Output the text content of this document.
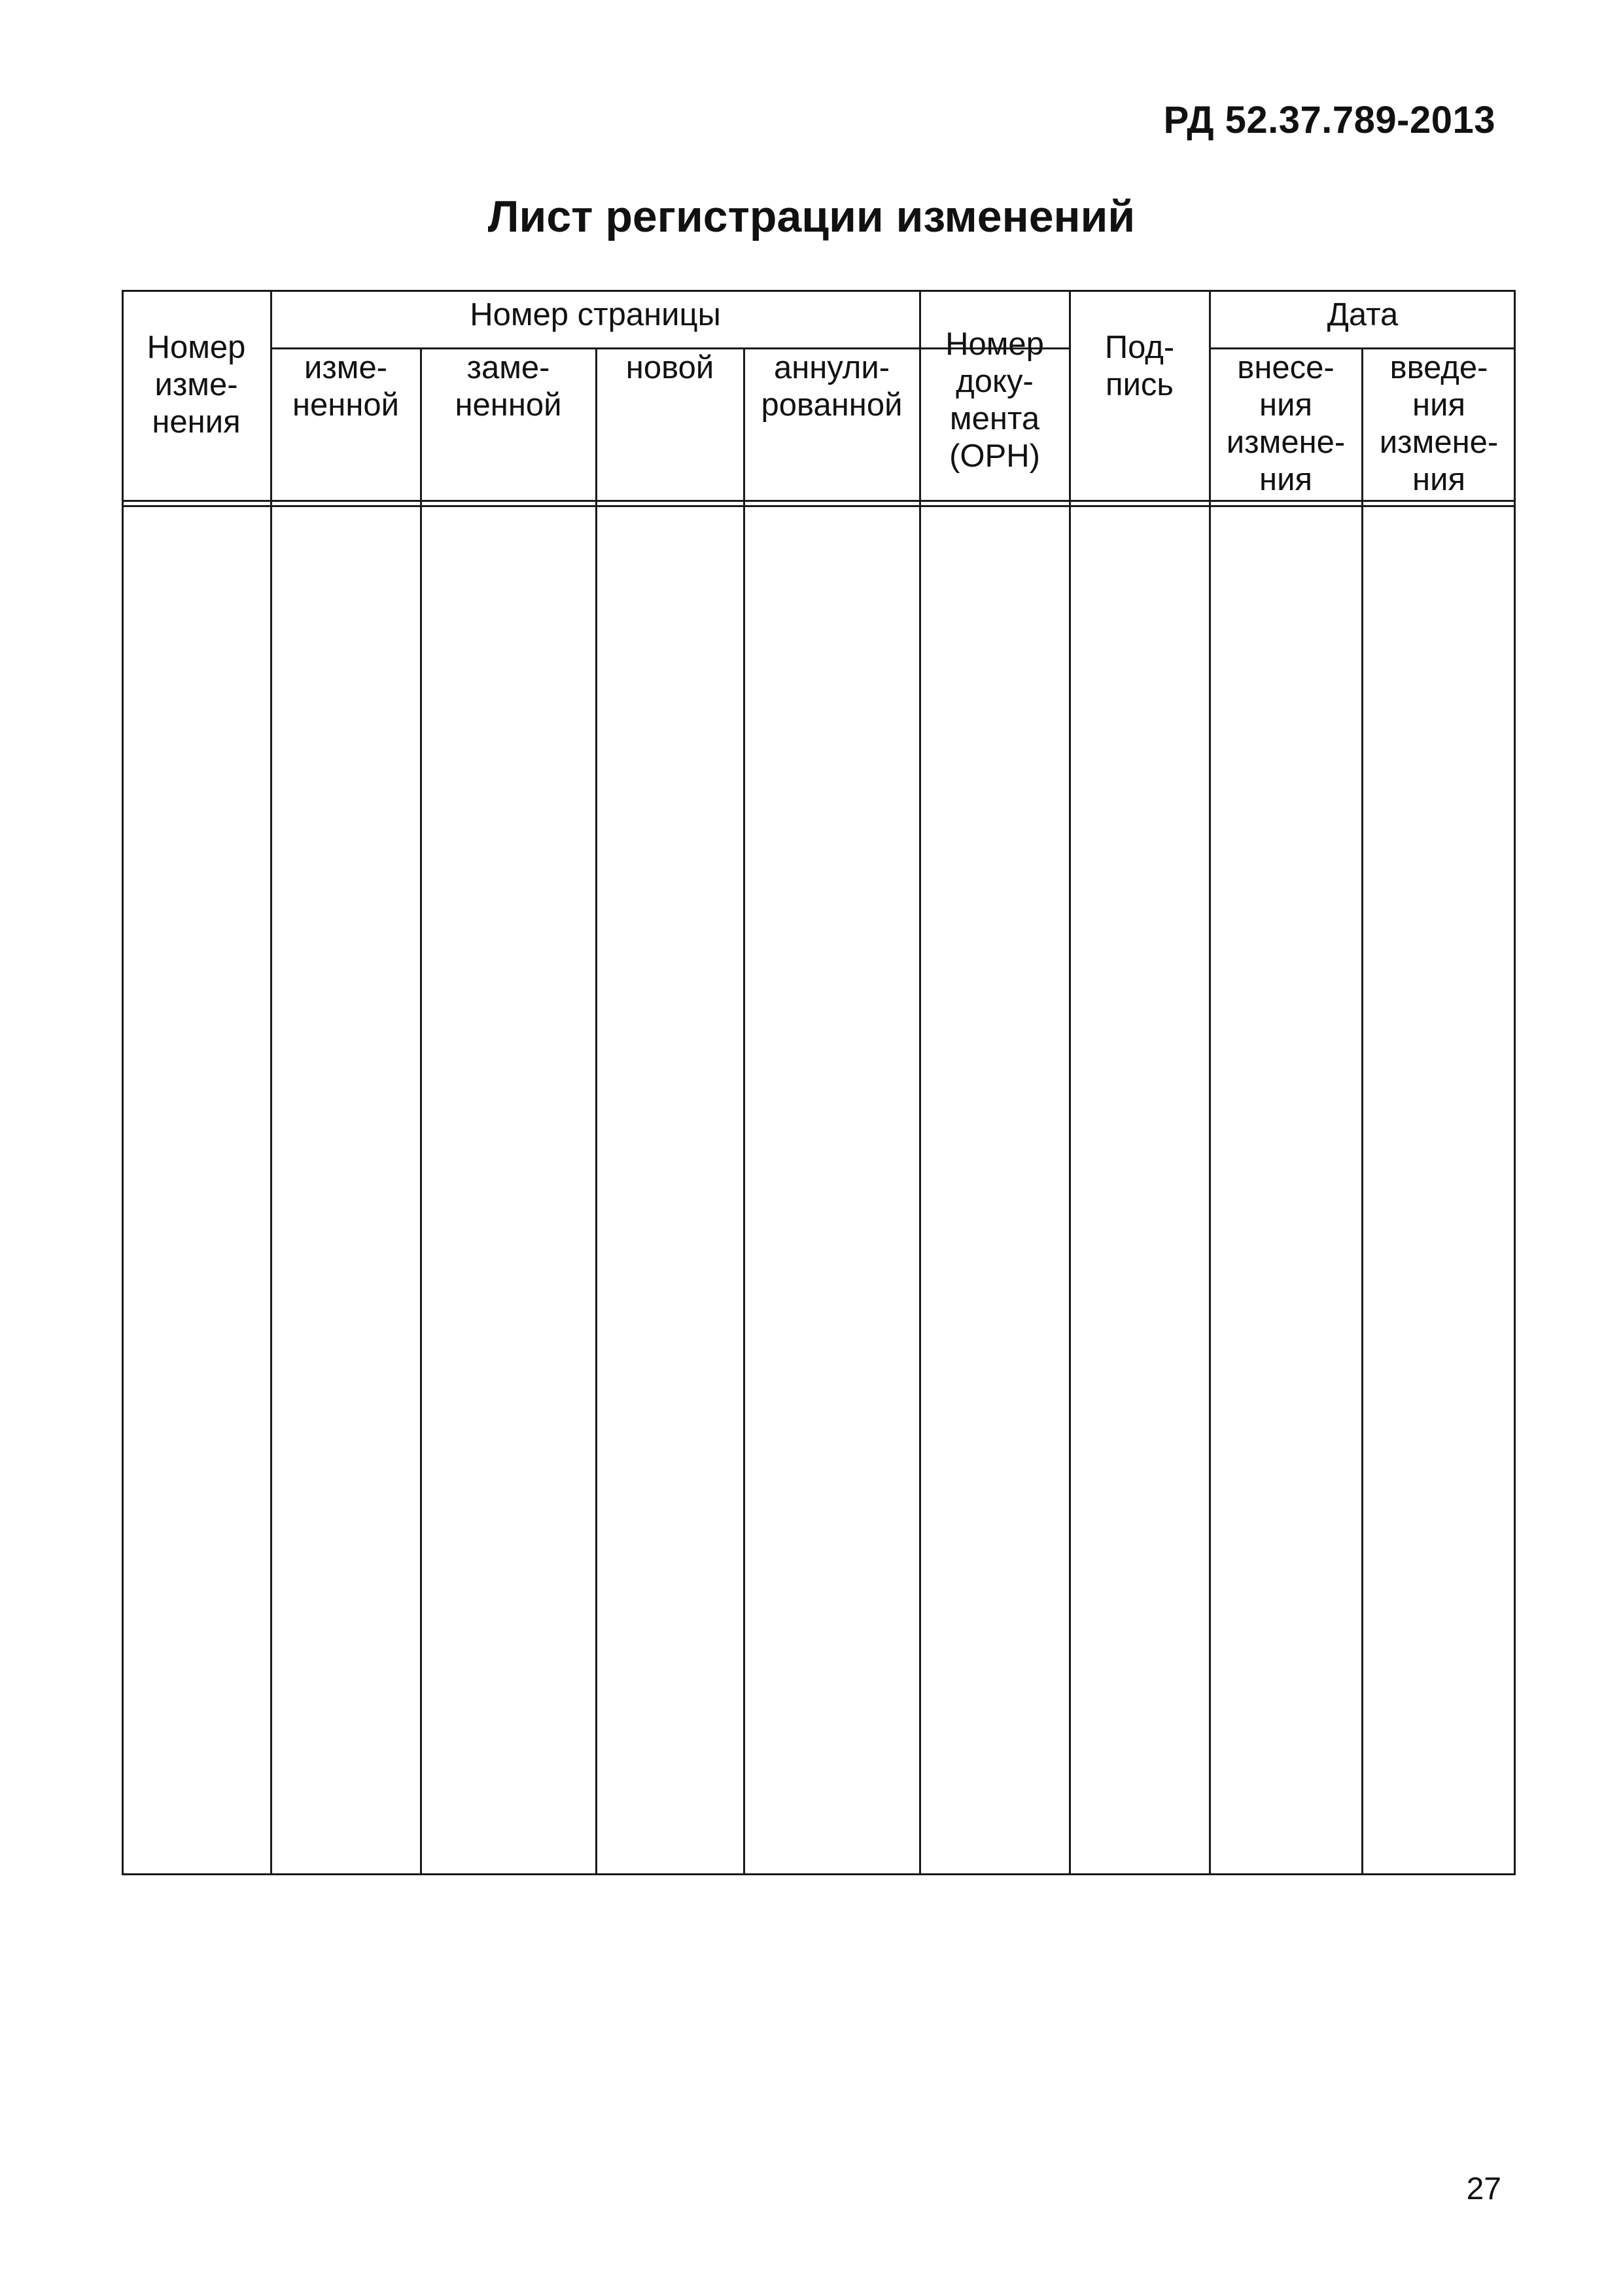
РД 52.37.789-2013
Лист регистрации изменений
Номер
изме-
нения
Номер страницы
изме-
ненной
заме-
ненной
новой	аннули-
рованной
Номер
доку-
мента
(ОРН)
Под-
пись
Дата
внесе-
ния
измене-
ния
введе-
ния
измене-
ния
27
